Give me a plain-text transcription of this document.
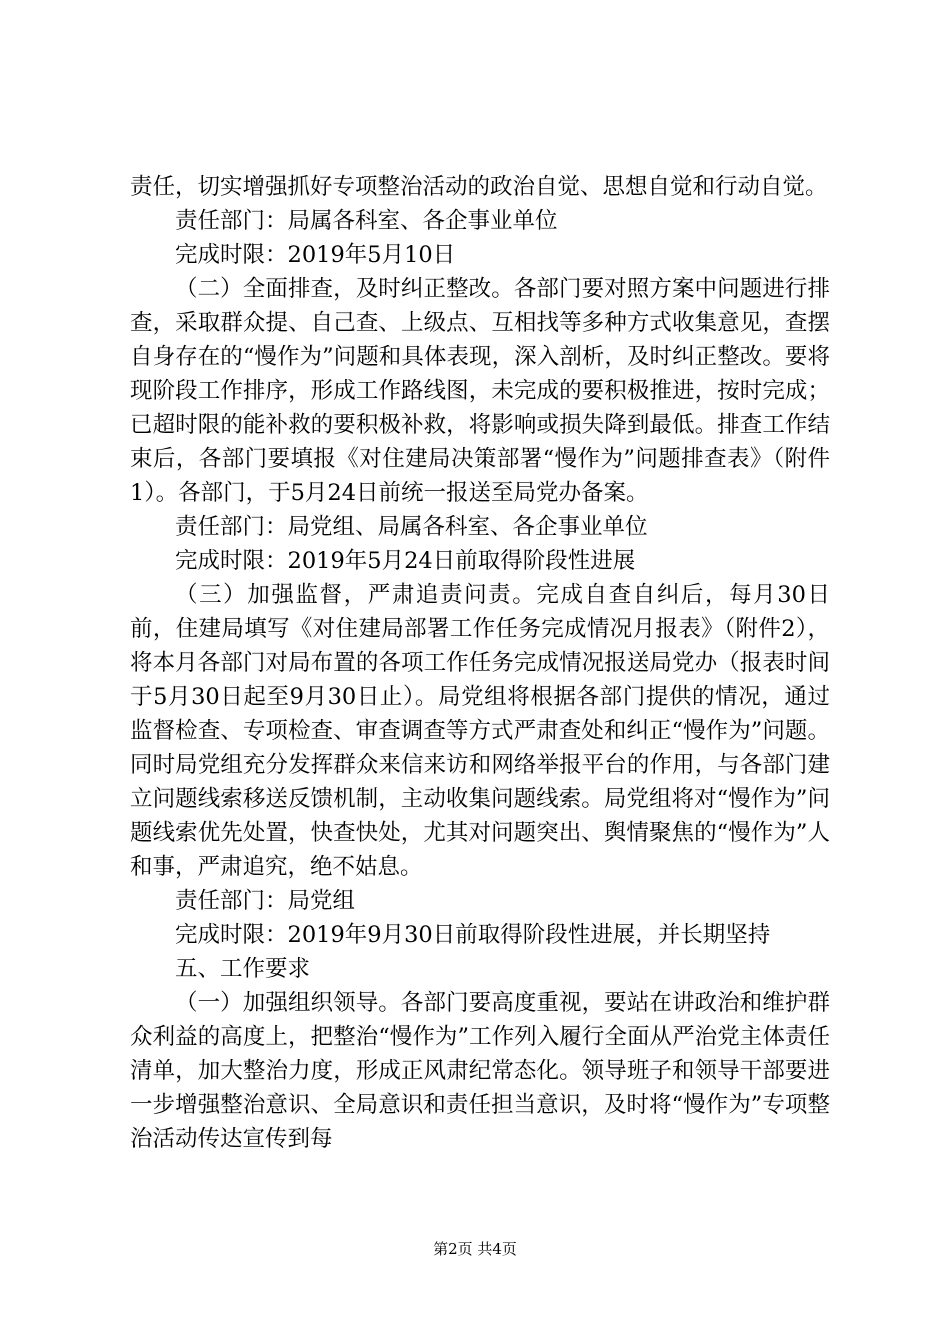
责任，切实增强抓好专项整治活动的政治自觉、思想自觉和行动自觉。

责任部门：局属各科室、各企事业单位

完成时限：2019年5月10日

（二）全面排查，及时纠正整改。各部门要对照方案中问题进行排查，采取群众提、自己查、上级点、互相找等多种方式收集意见，查摆自身存在的“慢作为”问题和具体表现，深入剖析，及时纠正整改。要将现阶段工作排序，形成工作路线图，未完成的要积极推进，按时完成；已超时限的能补救的要积极补救，将影响或损失降到最低。排查工作结束后，各部门要填报《对住建局决策部署“慢作为”问题排查表》（附件1）。各部门，于5月24日前统一报送至局党办备案。

责任部门：局党组、局属各科室、各企事业单位

完成时限：2019年5月24日前取得阶段性进展

（三）加强监督，严肃追责问责。完成自查自纠后，每月30日前，住建局填写《对住建局部署工作任务完成情况月报表》（附件2），将本月各部门对局布置的各项工作任务完成情况报送局党办（报表时间于5月30日起至9月30日止）。局党组将根据各部门提供的情况，通过监督检查、专项检查、审查调查等方式严肃查处和纠正“慢作为”问题。同时局党组充分发挥群众来信来访和网络举报平台的作用，与各部门建立问题线索移送反馈机制，主动收集问题线索。局党组将对“慢作为”问题线索优先处置，快查快处，尤其对问题突出、舆情聚焦的“慢作为”人和事，严肃追究，绝不姑息。

责任部门：局党组

完成时限：2019年9月30日前取得阶段性进展，并长期坚持

五、工作要求

（一）加强组织领导。各部门要高度重视，要站在讲政治和维护群众利益的高度上，把整治“慢作为”工作列入履行全面从严治党主体责任清单，加大整治力度，形成正风肃纪常态化。领导班子和领导干部要进一步增强整治意识、全局意识和责任担当意识，及时将“慢作为”专项整治活动传达宣传到每

第2页 共4页
